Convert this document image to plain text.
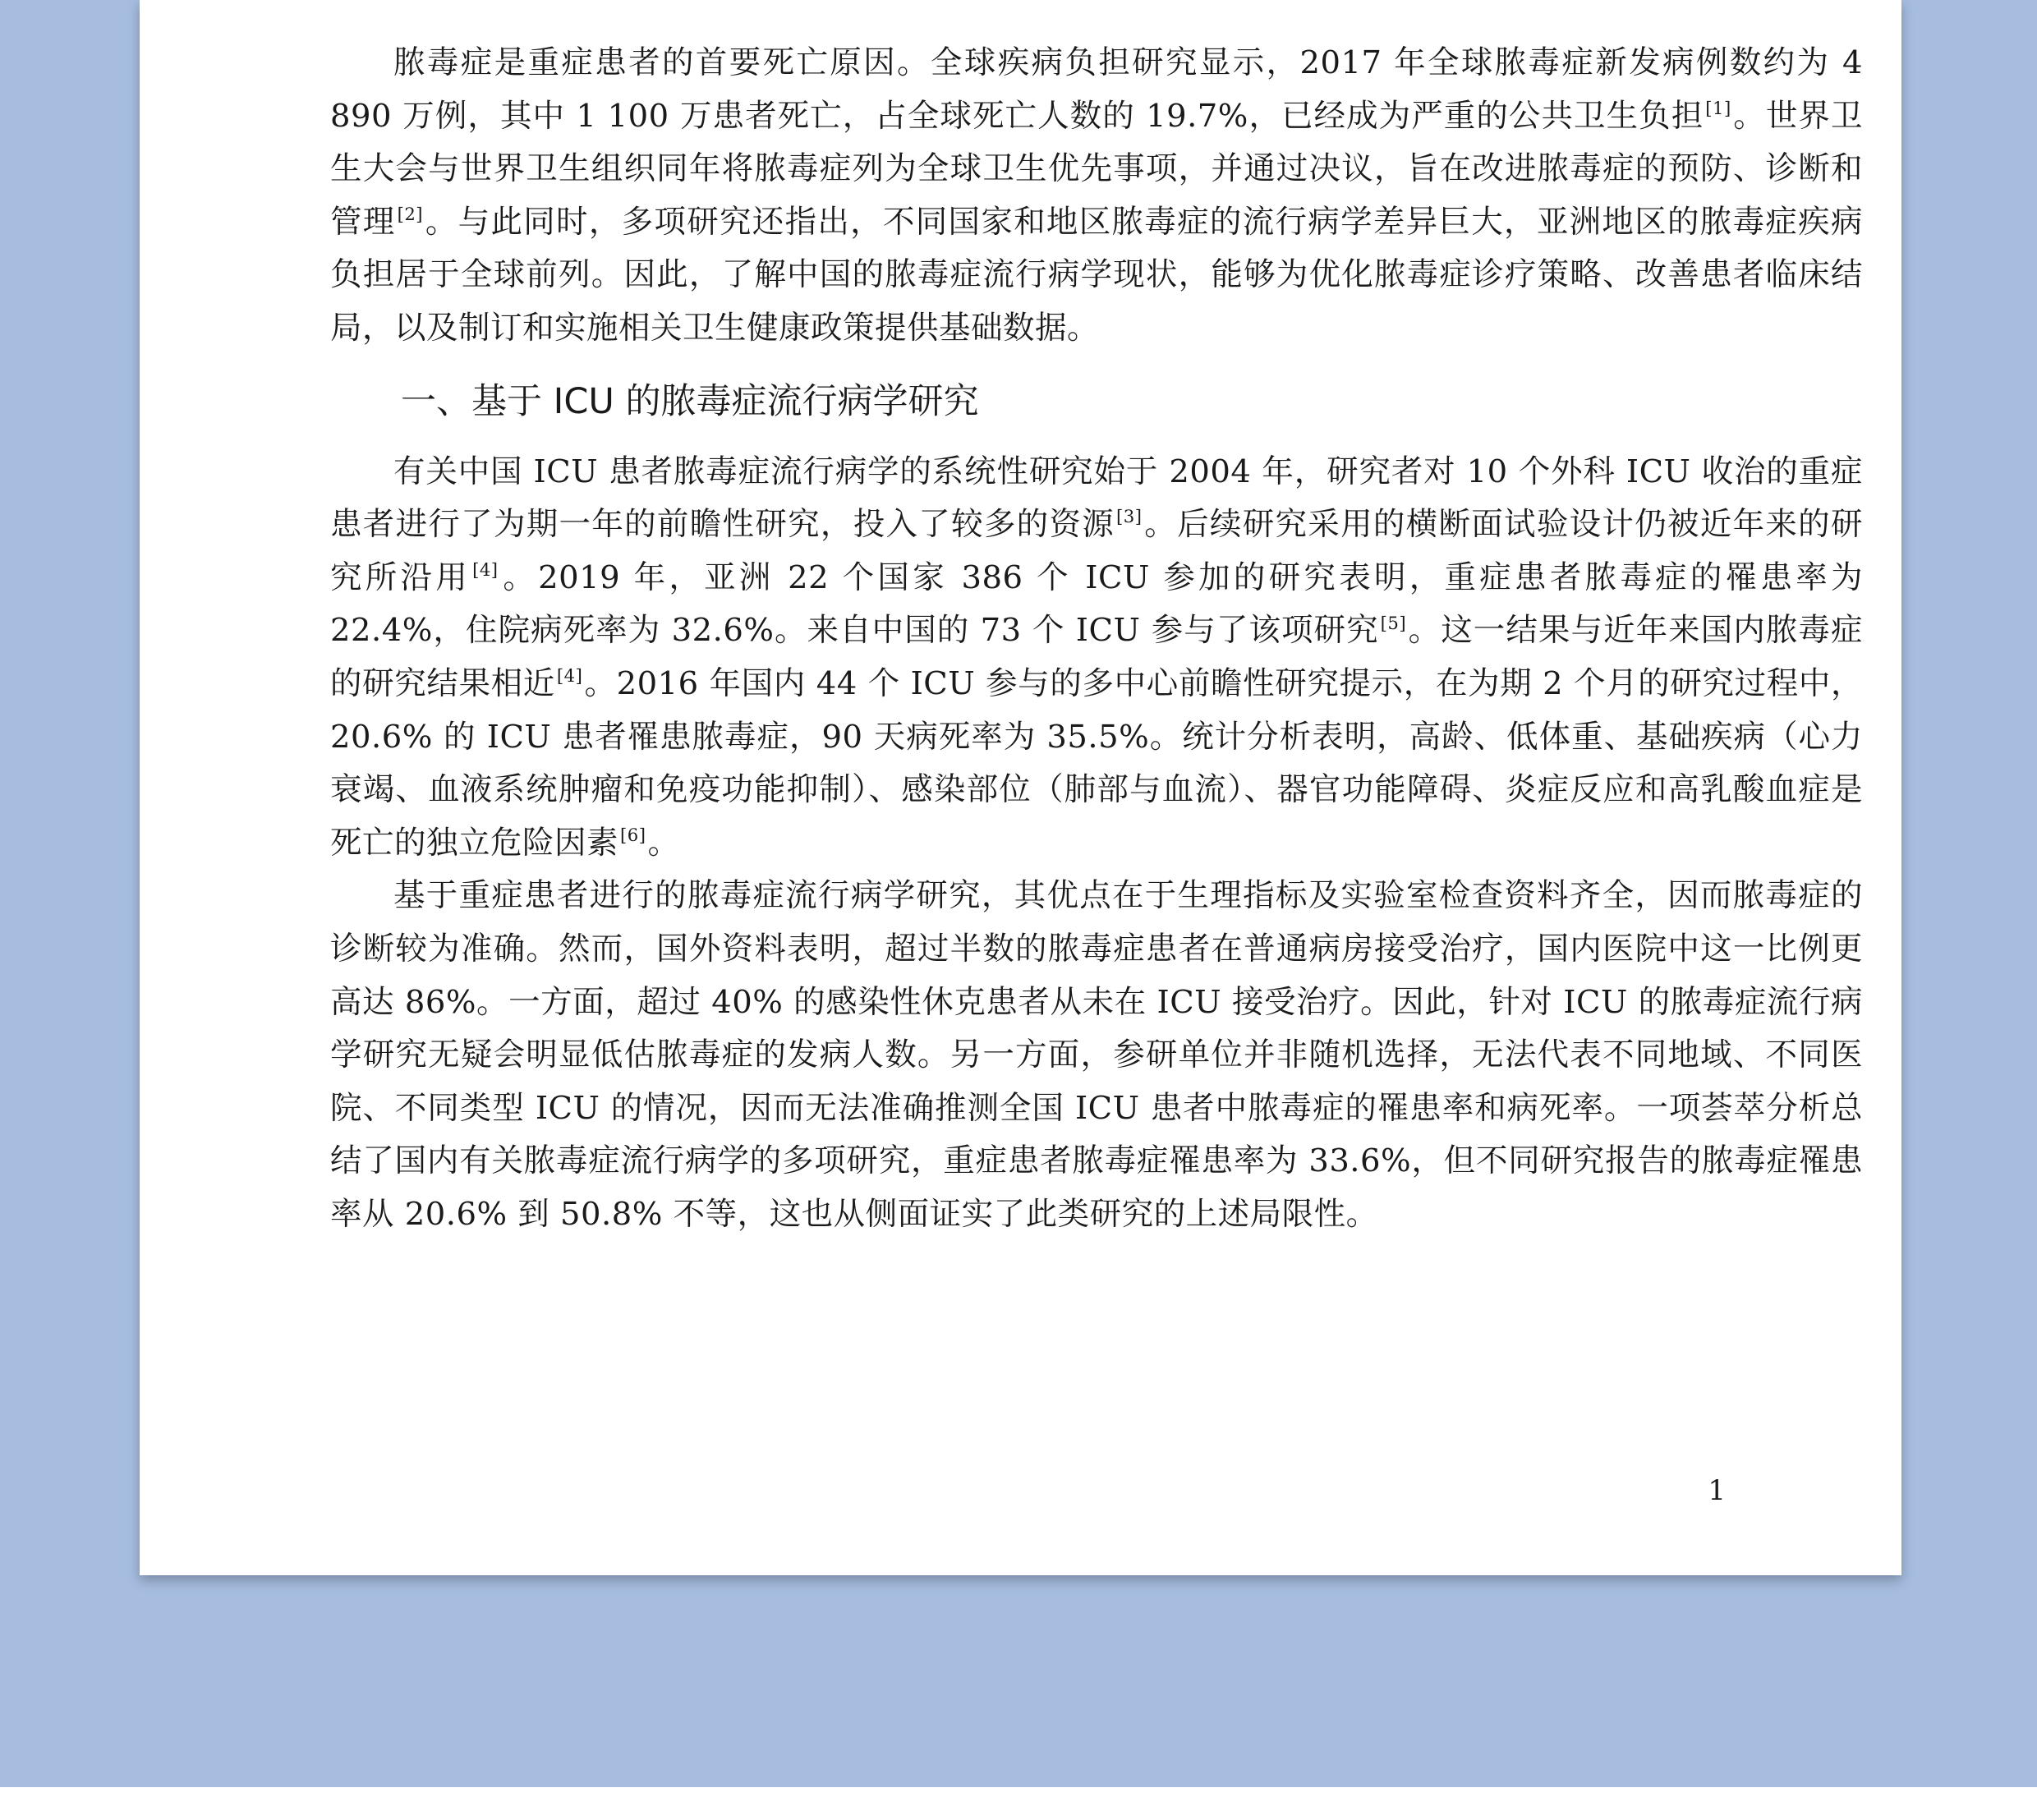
脓毒症是重症患者的首要死亡原因。全球疾病负担研究显示，2017 年全球脓毒症新发病例数约为 4 890 万例，其中 1 100 万患者死亡，占全球死亡人数的 19.7%，已经成为严重的公共卫生负担[1]。世界卫生大会与世界卫生组织同年将脓毒症列为全球卫生优先事项，并通过决议，旨在改进脓毒症的预防、诊断和管理[2]。与此同时，多项研究还指出，不同国家和地区脓毒症的流行病学差异巨大，亚洲地区的脓毒症疾病负担居于全球前列。因此，了解中国的脓毒症流行病学现状，能够为优化脓毒症诊疗策略、改善患者临床结局，以及制订和实施相关卫生健康政策提供基础数据。

一、基于 ICU 的脓毒症流行病学研究

有关中国 ICU 患者脓毒症流行病学的系统性研究始于 2004 年，研究者对 10 个外科 ICU 收治的重症患者进行了为期一年的前瞻性研究，投入了较多的资源[3]。后续研究采用的横断面试验设计仍被近年来的研究所沿用[4]。2019 年，亚洲 22 个国家 386 个 ICU 参加的研究表明，重症患者脓毒症的罹患率为 22.4%，住院病死率为 32.6%。来自中国的 73 个 ICU 参与了该项研究[5]。这一结果与近年来国内脓毒症的研究结果相近[4]。2016 年国内 44 个 ICU 参与的多中心前瞻性研究提示，在为期 2 个月的研究过程中，20.6% 的 ICU 患者罹患脓毒症，90 天病死率为 35.5%。统计分析表明，高龄、低体重、基础疾病（心力衰竭、血液系统肿瘤和免疫功能抑制）、感染部位（肺部与血流）、器官功能障碍、炎症反应和高乳酸血症是死亡的独立危险因素[6]。

基于重症患者进行的脓毒症流行病学研究，其优点在于生理指标及实验室检查资料齐全，因而脓毒症的诊断较为准确。然而，国外资料表明，超过半数的脓毒症患者在普通病房接受治疗，国内医院中这一比例更高达 86%。一方面，超过 40% 的感染性休克患者从未在 ICU 接受治疗。因此，针对 ICU 的脓毒症流行病学研究无疑会明显低估脓毒症的发病人数。另一方面，参研单位并非随机选择，无法代表不同地域、不同医院、不同类型 ICU 的情况，因而无法准确推测全国 ICU 患者中脓毒症的罹患率和病死率。一项荟萃分析总结了国内有关脓毒症流行病学的多项研究，重症患者脓毒症罹患率为 33.6%，但不同研究报告的脓毒症罹患率从 20.6% 到 50.8% 不等，这也从侧面证实了此类研究的上述局限性。

1
